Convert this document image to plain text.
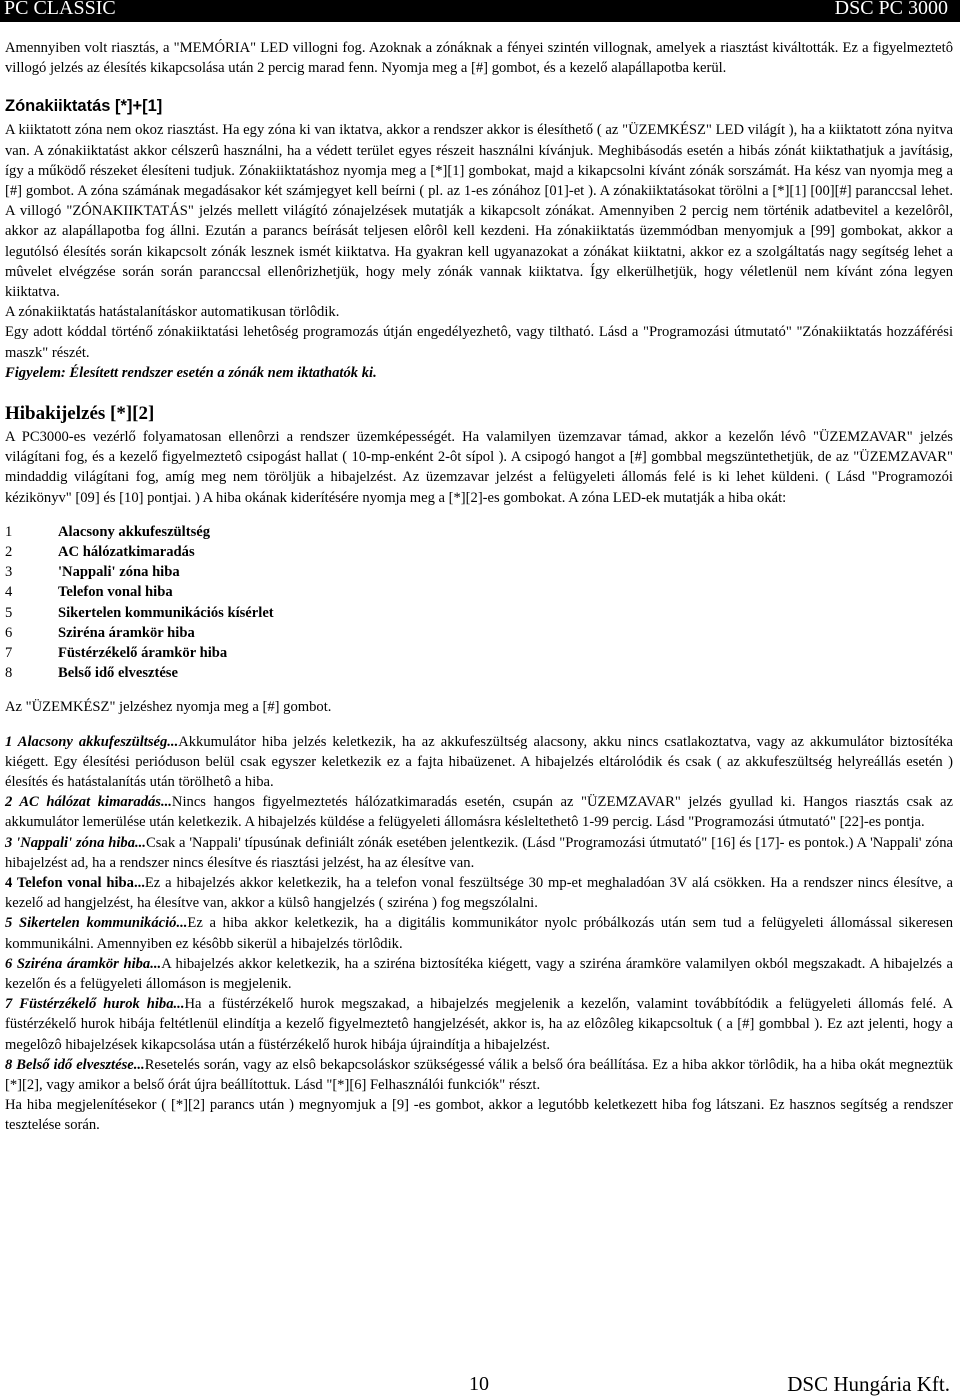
PC CLASSIC	DSC PC 3000

Amennyiben volt riasztás, a "MEMÓRIA" LED villogni fog. Azoknak a zónáknak a fényei szintén villognak, amelyek a riasztást kiváltották. Ez a figyelmeztetô villogó jelzés az élesítés kikapcsolása után 2 percig marad fenn. Nyomja meg a [#] gombot, és a kezelő alapállapotba kerül.

Zónakiiktatás [*]+[1]

A kiiktatott zóna nem okoz riasztást. Ha egy zóna ki van iktatva, akkor a rendszer akkor is élesíthető ( az "ÜZEMKÉSZ" LED világít ), ha a kiiktatott zóna nyitva van. A zónakiiktatást akkor célszerû használni, ha a védett terület egyes részeit használni kívánjuk. Meghibásodás esetén a hibás zónát kiiktathatjuk a javításig, így a működő részeket élesíteni tudjuk. Zónakiiktatáshoz nyomja meg a [*][1] gombokat, majd a kikapcsolni kívánt zónák sorszámát. Ha kész van nyomja meg a [#] gombot. A zóna számának megadásakor két számjegyet kell beírni ( pl. az 1-es zónához [01]-et ). A zónakiiktatásokat törölni a [*][1] [00][#] paranccsal lehet. A villogó "ZÓNAKIIKTATÁS" jelzés mellett világító zónajelzések mutatják a kikapcsolt zónákat. Amennyiben 2 percig nem történik adatbevitel a kezelôrôl, akkor az alapállapotba fog állni. Ezután a parancs beírását teljesen elôrôl kell kezdeni. Ha zónakiiktatás üzemmódban menyomjuk a [99] gombokat, akkor a legutólsó élesítés során kikapcsolt zónák lesznek ismét kiiktatva. Ha gyakran kell ugyanazokat a zónákat kiiktatni, akkor ez a szolgáltatás nagy segítség lehet a mûvelet elvégzése során során paranccsal ellenôrizhetjük, hogy mely zónák vannak kiiktatva. Így elkerülhetjük, hogy véletlenül nem kívánt zóna legyen kiiktatva.

A zónakiiktatás hatástalanításkor automatikusan törlôdik.

Egy adott kóddal történő zónakiiktatási lehetôség programozás útján engedélyezhetô, vagy tiltható. Lásd a "Programozási útmutató" "Zónakiiktatás hozzáférési maszk" részét.

Figyelem: Élesített rendszer esetén a zónák nem iktathatók ki.

Hibakijelzés [*][2]

A PC3000-es vezérlő folyamatosan ellenôrzi a rendszer üzemképességét. Ha valamilyen üzemzavar támad, akkor a kezelőn lévô "ÜZEMZAVAR" jelzés világítani fog, és a kezelő figyelmeztetô csipogást hallat ( 10-mp-enként 2-ôt sípol ). A csipogó hangot a [#] gombbal megszüntethetjük, de az "ÜZEMZAVAR" mindaddig világítani fog, amíg meg nem töröljük a hibajelzést. Az üzemzavar jelzést a felügyeleti állomás felé is ki lehet küldeni. ( Lásd "Programozói kézikönyv" [09] és [10] pontjai. ) A hiba okának kiderítésére nyomja meg a [*][2]-es gombokat. A zóna LED-ek mutatják a hiba okát:

1	Alacsony akkufeszültség
2	AC hálózatkimaradás
3	'Nappali' zóna hiba
4	Telefon vonal hiba
5	Sikertelen kommunikációs kísérlet
6	Sziréna áramkör hiba
7	Füstérzékelő áramkör hiba
8	Belső idő elvesztése

Az "ÜZEMKÉSZ" jelzéshez nyomja meg a [#] gombot.

1 Alacsony akkufeszültség...Akkumulátor hiba jelzés keletkezik, ha az akkufeszültség alacsony, akku nincs csatlakoztatva, vagy az akkumulátor biztosítéka kiégett. Egy élesítési perióduson belül csak egyszer keletkezik ez a fajta hibaüzenet. A hibajelzés eltárolódik és csak ( az akkufeszültség helyreállás esetén ) élesítés és hatástalanítás után törölhetô a hiba.

2 AC hálózat kimaradás...Nincs hangos figyelmeztetés hálózatkimaradás esetén, csupán az "ÜZEMZAVAR" jelzés gyullad ki. Hangos riasztás csak az akkumulátor lemerülése után keletkezik. A hibajelzés küldése a felügyeleti állomásra késleltethetô 1-99 percig. Lásd "Programozási útmutató" [22]-es pontja.

3 'Nappali' zóna hiba...Csak a 'Nappali' típusúnak definiált zónák esetében jelentkezik. (Lásd "Programozási útmutató" [16] és [17]- es pontok.) A 'Nappali' zóna hibajelzést ad, ha a rendszer nincs élesítve és riasztási jelzést, ha az élesítve van.

4 Telefon vonal hiba...Ez a hibajelzés akkor keletkezik, ha a telefon vonal feszültsége 30 mp-et meghaladóan 3V alá csökken. Ha a rendszer nincs élesítve, a kezelő ad hangjelzést, ha élesítve van, akkor a külsô hangjelzés ( sziréna ) fog megszólalni.

5 Sikertelen kommunikáció...Ez a hiba akkor keletkezik, ha a digitális kommunikátor nyolc próbálkozás után sem tud a felügyeleti állomással sikeresen kommunikálni. Amennyiben ez késôbb sikerül a hibajelzés törlôdik.

6 Sziréna áramkör hiba...A hibajelzés akkor keletkezik, ha a sziréna biztosítéka kiégett, vagy a sziréna áramköre valamilyen okból megszakadt. A hibajelzés a kezelőn és a felügyeleti állomáson is megjelenik.

7 Füstérzékelő hurok hiba...Ha a füstérzékelő hurok megszakad, a hibajelzés megjelenik a kezelőn, valamint továbbítódik a felügyeleti állomás felé. A füstérzékelő hurok hibája feltétlenül elindítja a kezelő figyelmeztetô hangjelzését, akkor is, ha az elôzôleg kikapcsoltuk ( a [#] gombbal ). Ez azt jelenti, hogy a megelôzô hibajelzések kikapcsolása után a füstérzékelő hurok hibája újraindítja a hibajelzést.

8 Belső idő elvesztése...Resetelés során, vagy az elsô bekapcsoláskor szükségessé válik a belső óra beállítása. Ez a hiba akkor törlôdik, ha a hiba okát megneztük [*][2], vagy amikor a belső órát újra beállítottuk. Lásd "[*][6] Felhasználói funkciók" részt.

Ha hiba megjelenítésekor ( [*][2] parancs után ) megnyomjuk a [9] -es gombot, akkor a legutóbb keletkezett hiba fog látszani. Ez hasznos segítség a rendszer tesztelése során.

10	DSC Hungária Kft.
